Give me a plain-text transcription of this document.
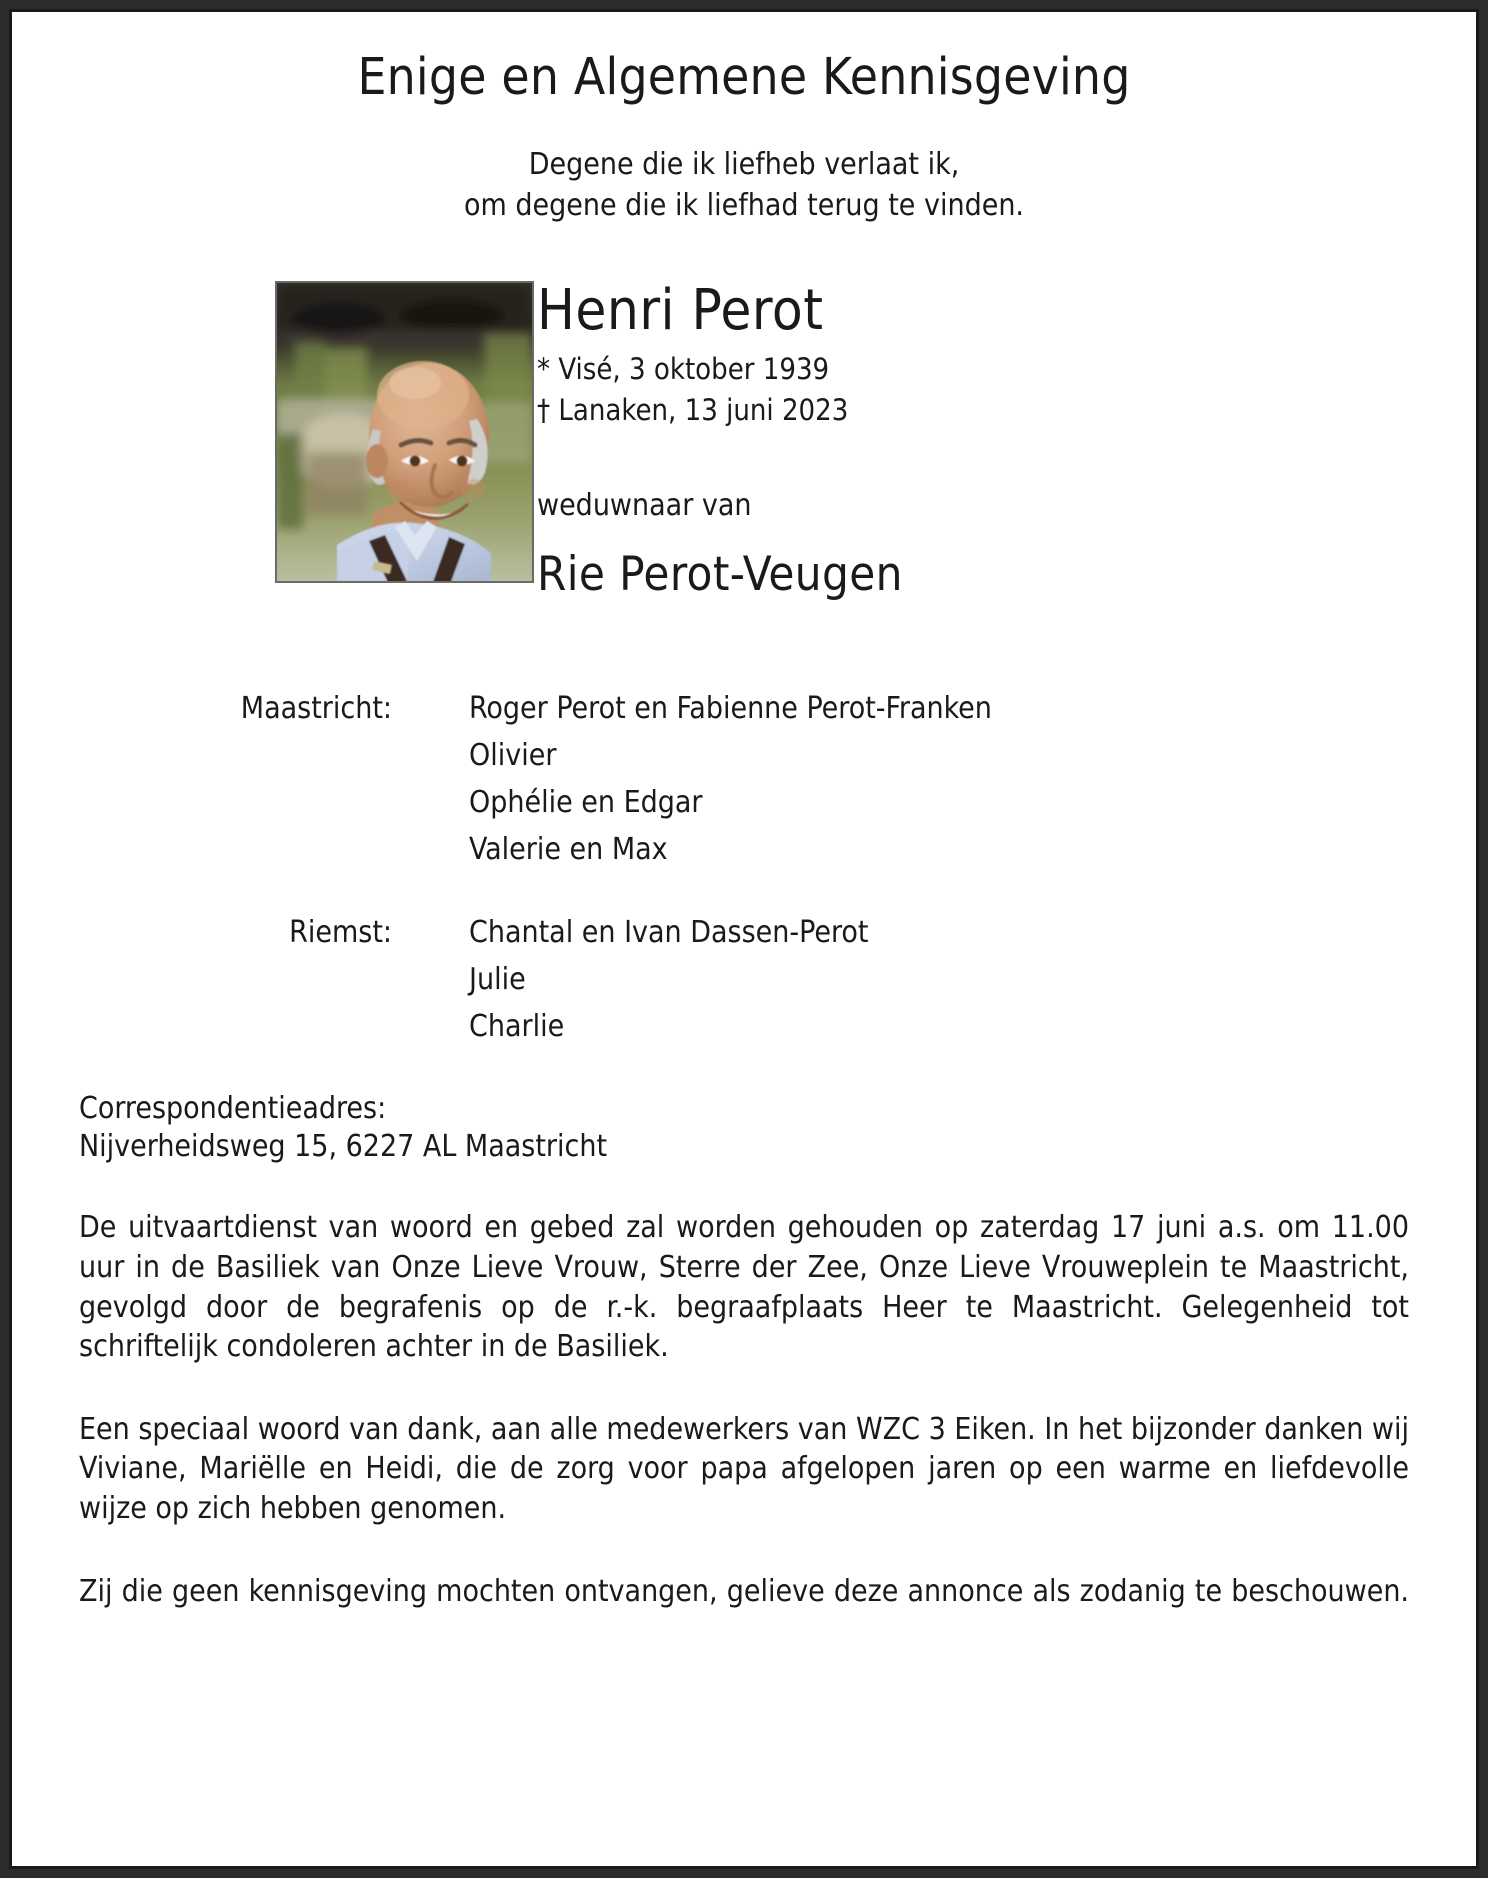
Enige en Algemene Kennisgeving
Degene die ik liefheb verlaat ik,
om degene die ik liefhad terug te vinden.
Henri Perot
* Visé, 3 oktober 1939
† Lanaken, 13 juni 2023
weduwnaar van
Rie Perot-Veugen
Maastricht:	Roger Perot en Fabienne Perot-Franken
Olivier
Ophélie en Edgar
Valerie en Max
Riemst:	Chantal en Ivan Dassen-Perot
Julie
Charlie
Correspondentieadres:
Nijverheidsweg 15, 6227 AL Maastricht
De uitvaartdienst van woord en gebed zal worden gehouden op zaterdag 17 juni a.s. om 11.00 uur in de Basiliek van Onze Lieve Vrouw, Sterre der Zee, Onze Lieve Vrouweplein te Maastricht, gevolgd door de begrafenis op de r.-k. begraafplaats Heer te Maastricht. Gelegenheid tot schriftelijk condoleren achter in de Basiliek.
Een speciaal woord van dank, aan alle medewerkers van WZC 3 Eiken. In het bijzonder danken wij Viviane, Mariëlle en Heidi, die de zorg voor papa afgelopen jaren op een warme en liefdevolle wijze op zich hebben genomen.
Zij die geen kennisgeving mochten ontvangen, gelieve deze annonce als zodanig te beschouwen.
